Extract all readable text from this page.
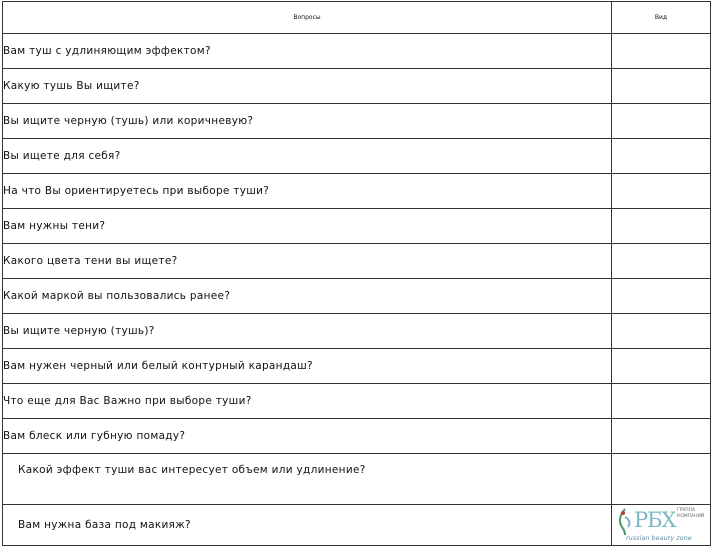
Вопросы	Вид
Вам туш с удлиняющим эффектом?	
Какую тушь Вы ищите?	
Вы ищите черную (тушь) или коричневую?	
Вы ищете для себя?	
На что Вы ориентируетесь при выборе туши?	
Вам нужны тени?	
Какого цвета тени вы ищете?	
Какой маркой вы пользовались ранее?	
Вы ищите черную (тушь)?	
Вам нужен черный или белый контурный карандаш?	
Что еще для Вас Важно при выборе туши?	
Вам блеск или губную помаду?	
Какой эффект туши вас интересует объем или удлинение?	
Вам нужна база под макияж?	РБХ ГРУППА
КОМПАНИЙ
russian beauty zone
